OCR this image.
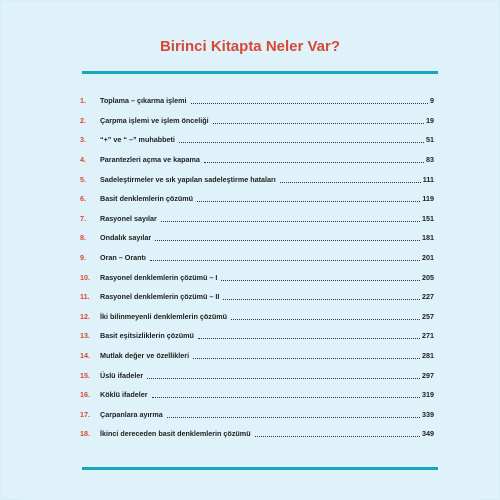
Birinci Kitapta Neler Var?
1.	Toplama – çıkarma işlemi	9
2.	Çarpma işlemi ve işlem önceliği	19
3.	“+” ve “ –” muhabbeti	51
4.	Parantezleri açma ve kapama	83
5.	Sadeleştirmeler ve sık yapılan sadeleştirme hataları	111
6.	Basit denklemlerin çözümü	119
7.	Rasyonel sayılar	151
8.	Ondalık sayılar	181
9.	Oran – Orantı	201
10.	Rasyonel denklemlerin çözümü – I	205
11.	Rasyonel denklemlerin çözümü – II	227
12.	İki bilinmeyenli denklemlerin çözümü	257
13.	Basit eşitsizliklerin çözümü	271
14.	Mutlak değer ve özellikleri	281
15.	Üslü ifadeler	297
16.	Köklü ifadeler	319
17.	Çarpanlara ayırma	339
18.	İkinci dereceden basit denklemlerin çözümü	349
